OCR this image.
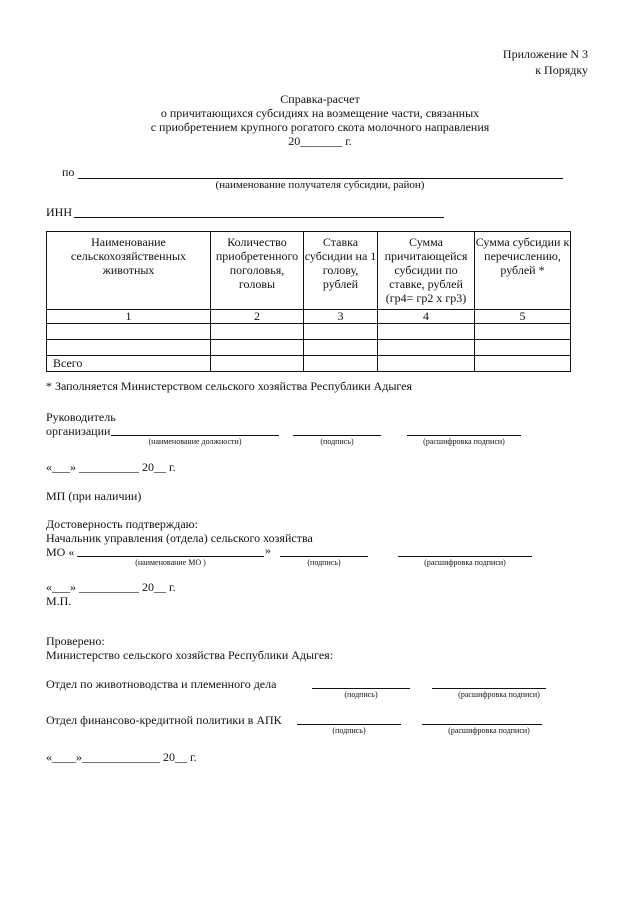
Приложение N 3
к Порядку
Справка-расчет
о причитающихся субсидиях на возмещение части, связанных
с приобретением крупного рогатого скота молочного направления
20_______ г.
по
(наименование получателя субсидии, район)
ИНН
Наименование сельскохозяйственных животных	Количество приобретенного поголовья, головы	Ставка субсидии на 1 голову, рублей	Сумма причитающейся субсидии по ставке, рублей (гр4= гр2 x гр3)	Сумма субсидии к перечислению, рублей *
1	2	3	4	5

Всего				
* Заполняется Министерством сельского хозяйства Республики Адыгея
Руководитель
организации
(наименование должности)	(подпись)	(расшифровка подписи)
«___» __________ 20__ г.
МП (при наличии)
Достоверность подтверждаю:
Начальник управления (отдела) сельского хозяйства
МО «	»
(наименование МО )	(подпись)	(расшифровка подписи)
«___» __________ 20__ г.
М.П.
Проверено:
Министерство сельского хозяйства Республики Адыгея:
Отдел по животноводства и племенного дела
(подпись)	(расшифровка подписи)
Отдел финансово-кредитной политики в АПК
(подпись)	(расшифровка подписи)
«____»_____________ 20__ г.
